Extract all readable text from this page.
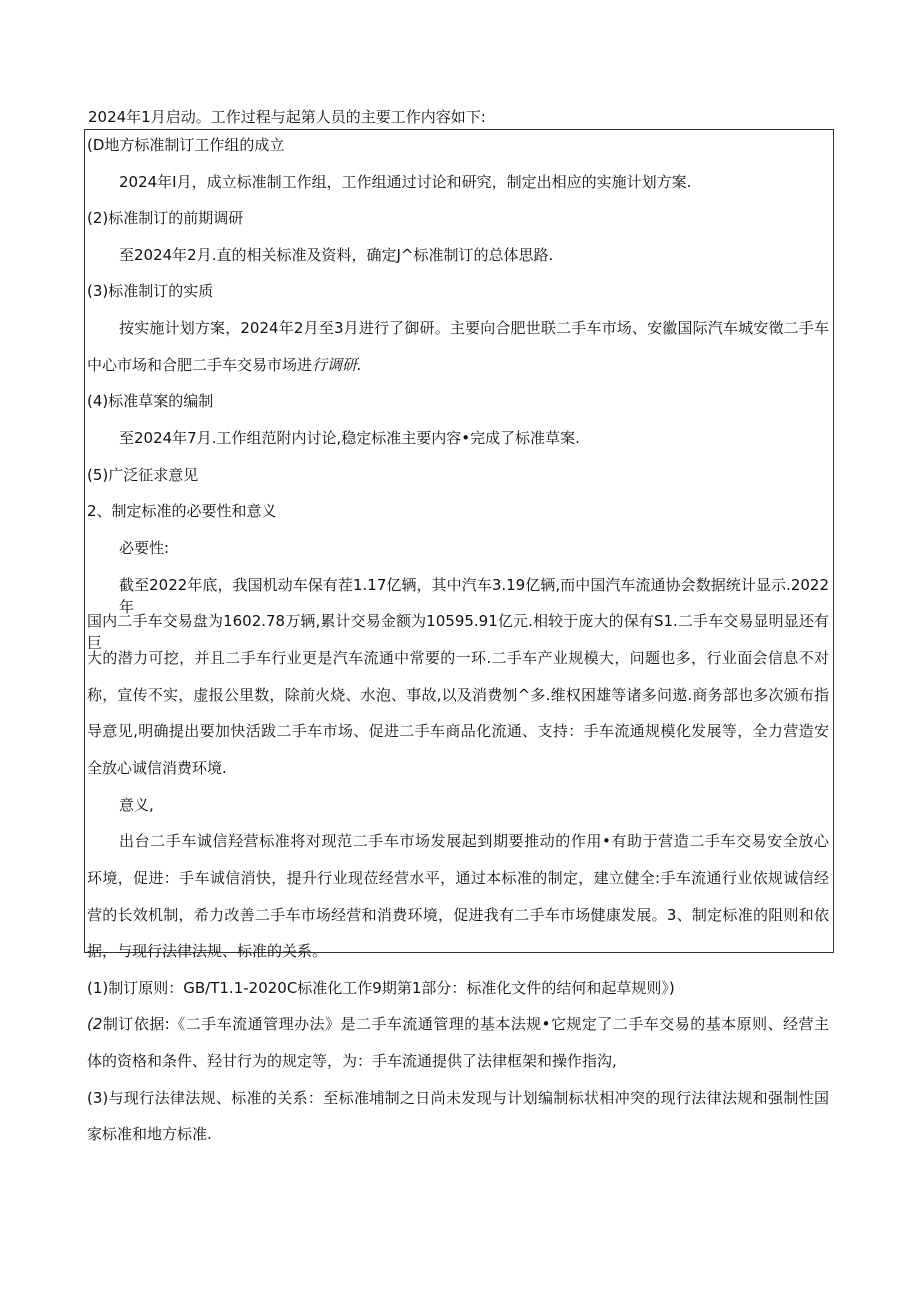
2024年1月启动。工作过程与起第人员的主要工作内容如下:
(D地方标准制订工作组的成立
2024年I月，成立标准制工作组，工作组通过讨论和研究，制定出相应的实施计划方案.
(2)标准制订的前期调研
至2024年2月.直的相关标准及资料，确定J^标准制订的总体思路.
(3)标准制订的实质
按实施计划方案，2024年2月至3月进行了御研。主要向合肥世联二手车市场、安徽国际汽车城安徵二手车
中心市场和合肥二手车交易市场进行调研.
(4)标准草案的编制
至2024年7月.工作组范附内讨论,稳定标准主要内容•完成了标准草案.
(5)广泛征求意见
2、制定标准的必要性和意义
必要性:
截至2022年底，我国机动车保有茬1.17亿辆，其中汽车3.19亿辆,而中国汽车流通协会数据统计显示.2022年
国内二手车交易盘为1602.78万辆,累计交易金额为10595.91亿元.相较于庞大的保有S1.二手车交易显明显还有巨
大的潜力可挖，并且二手车行业更是汽车流通中常要的一环.二手车产业规模大，问题也多，行业面会信息不对
称，宣传不实，虚报公里数，除前火烧、水泡、事故,以及消费刎^多.维权困雄等诸多问遨.商务部也多次颁布指
导意见,明确提出要加快活跋二手车市场、促进二手车商品化流通、支持：手车流通规模化发展等，全力营造安
全放心诚信消费环境.
意义,
出台二手车诚信羟营标准将对现范二手车市场发展起到期要推动的作用•有助于营造二手车交易安全放心
环境，促进：手车诚信消快，提升行业现莅经营水平，通过本标准的制定，建立健全:手车流通行业依规诚信经
营的长效机制，希力改善二手车市场经营和消费环境，促进我有二手车市场健康发展。3、制定标准的阻则和依
据，与现行法律法规、标准的关系。
(1)制订原则：GB/T1.1-2020C标准化工作9期第1部分：标准化文件的结何和起草规则》)
(2制订依据:《二手车流通管理办法》是二手车流通管理的基本法规•它规定了二手车交易的基本原则、经营主
体的资格和条件、羟甘行为的规定等，为：手车流通提供了法律框架和操作指沟,
(3)与现行法律法规、标准的关系：至标准埔制之日尚未发现与计划编制标状相冲突的现行法律法规和强制性国
家标准和地方标准.
